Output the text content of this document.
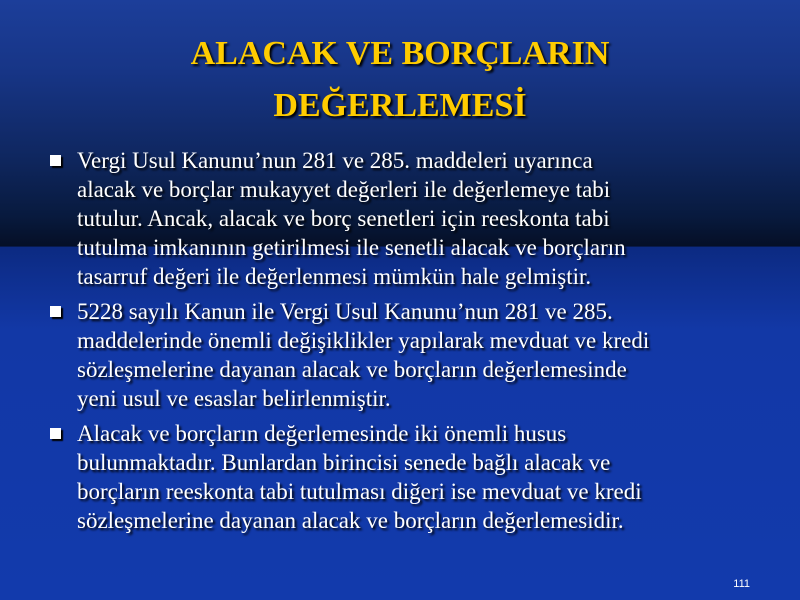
ALACAK VE BORÇLARIN
DEĞERLEMESİ
Vergi Usul Kanunu’nun 281 ve 285. maddeleri uyarınca
alacak ve borçlar mukayyet değerleri ile değerlemeye tabi
tutulur. Ancak, alacak ve borç senetleri için reeskonta tabi
tutulma imkanının getirilmesi ile senetli alacak ve borçların
tasarruf değeri ile değerlenmesi mümkün hale gelmiştir.
5228 sayılı Kanun ile Vergi Usul Kanunu’nun 281 ve 285.
maddelerinde önemli değişiklikler yapılarak mevduat ve kredi
sözleşmelerine dayanan alacak ve borçların değerlemesinde
yeni usul ve esaslar belirlenmiştir.
Alacak ve borçların değerlemesinde iki önemli husus
bulunmaktadır. Bunlardan birincisi senede bağlı alacak ve
borçların reeskonta tabi tutulması diğeri ise mevduat ve kredi
sözleşmelerine dayanan alacak ve borçların değerlemesidir.
111
